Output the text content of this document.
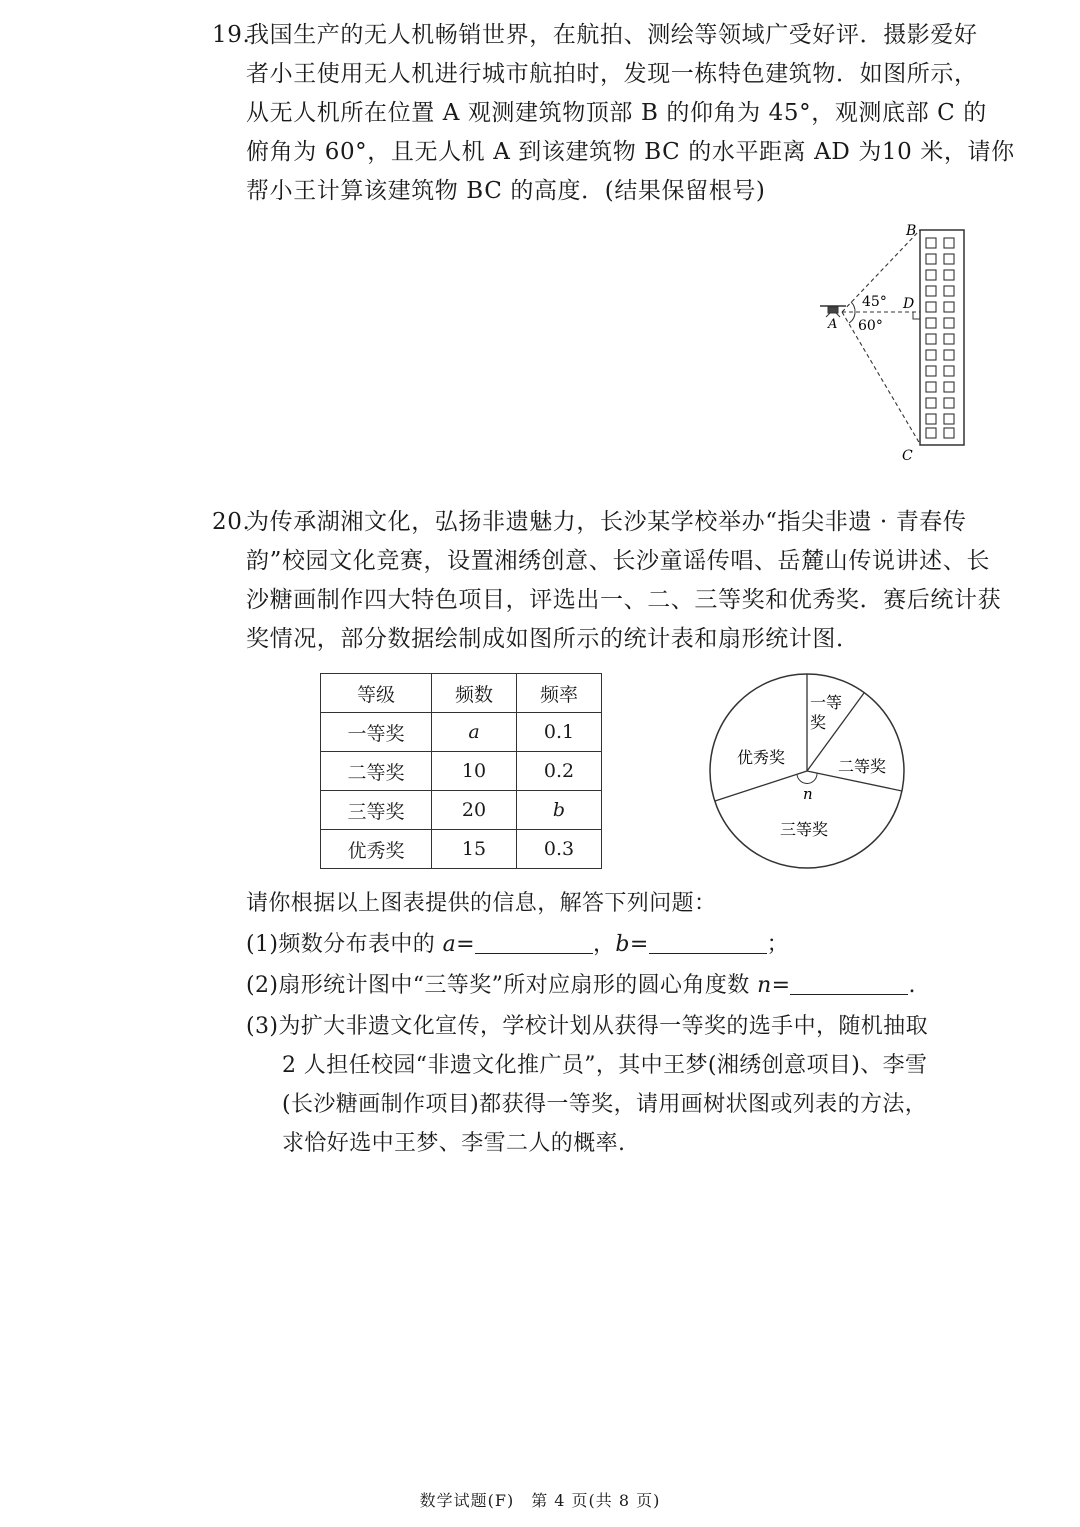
19.我国生产的无人机畅销世界，在航拍、测绘等领域广受好评．摄影爱好
者小王使用无人机进行城市航拍时，发现一栋特色建筑物．如图所示，
从无人机所在位置 A 观测建筑物顶部 B 的仰角为 45°，观测底部 C 的
俯角为 60°，且无人机 A 到该建筑物 BC 的水平距离 AD 为10 米，请你
帮小王计算该建筑物 BC 的高度．(结果保留根号)
B
D
C
A
45°
60°
20.为传承湖湘文化，弘扬非遗魅力，长沙某学校举办“指尖非遗 · 青春传
韵”校园文化竞赛，设置湘绣创意、长沙童谣传唱、岳麓山传说讲述、长
沙糖画制作四大特色项目，评选出一、二、三等奖和优秀奖．赛后统计获
奖情况，部分数据绘制成如图所示的统计表和扇形统计图．
等级	频数	频率
一等奖	a	0.1
二等奖	10	0.2
三等奖	20	b
优秀奖	15	0.3
一等
奖
二等奖
优秀奖
三等奖
n
请你根据以上图表提供的信息，解答下列问题：
(1)频数分布表中的 a=	，b=	；
(2)扇形统计图中“三等奖”所对应扇形的圆心角度数 n=	.
(3)为扩大非遗文化宣传，学校计划从获得一等奖的选手中，随机抽取
2 人担任校园“非遗文化推广员”，其中王梦(湘绣创意项目)、李雪
(长沙糖画制作项目)都获得一等奖，请用画树状图或列表的方法，
求恰好选中王梦、李雪二人的概率.
数学试题(F)　第 4 页(共 8 页)
